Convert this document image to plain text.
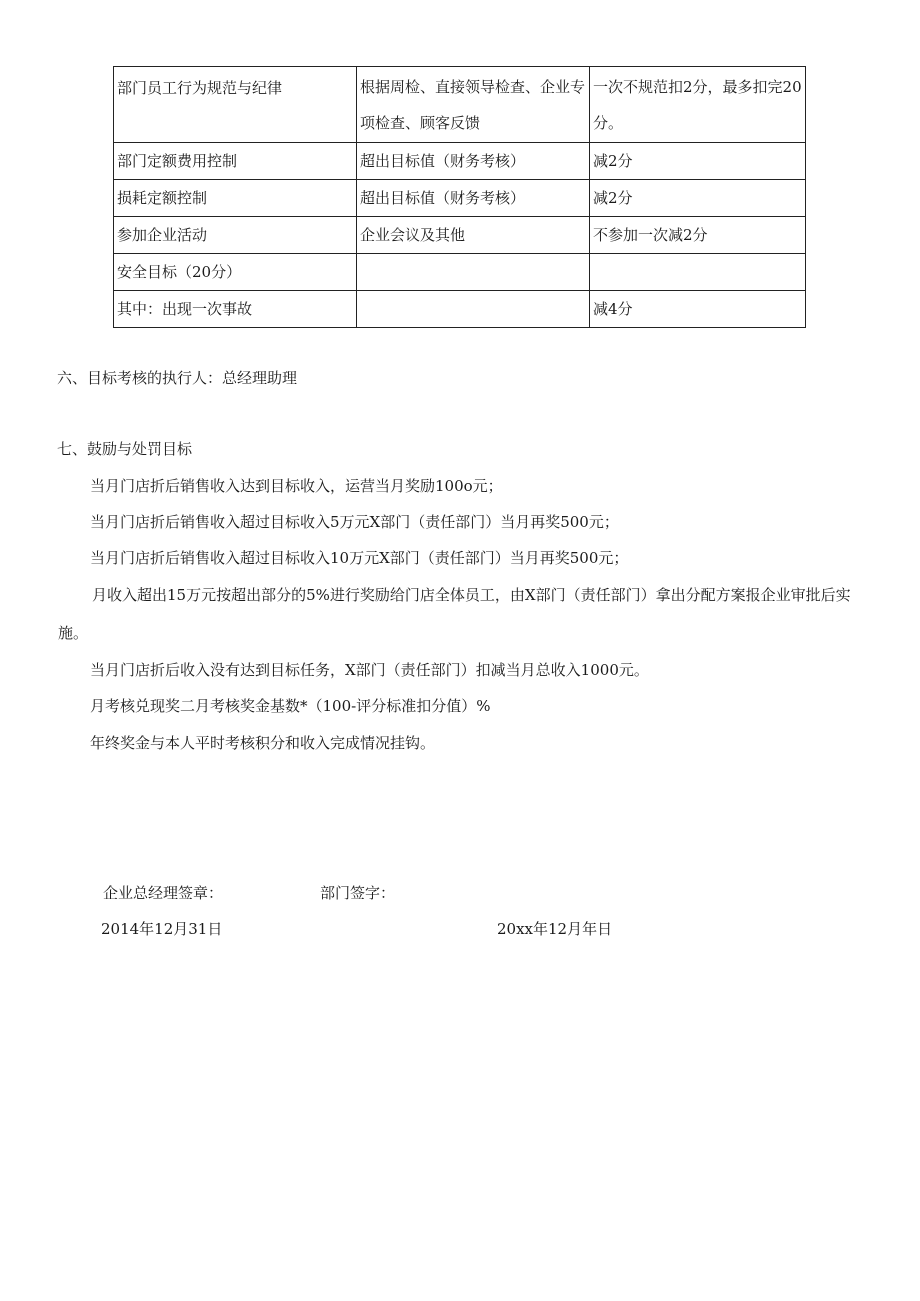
部门员工行为规范与纪律	根据周检、直接领导检查、企业专项检查、顾客反馈	一次不规范扣2分，最多扣完20分。
部门定额费用控制	超出目标值（财务考核）	减2分
损耗定额控制	超出目标值（财务考核）	减2分
参加企业活动	企业会议及其他	不参加一次减2分
安全目标（20分）		
其中：出现一次事故		减4分
六、目标考核的执行人：总经理助理
七、鼓励与处罚目标
当月门店折后销售收入达到目标收入，运营当月奖励100o元；
当月门店折后销售收入超过目标收入5万元X部门（责任部门）当月再奖500元；
当月门店折后销售收入超过目标收入10万元X部门（责任部门）当月再奖500元；
月收入超出15万元按超出部分的5%进行奖励给门店全体员工，由X部门（责任部门）拿出分配方案报企业审批后实施。
当月门店折后收入没有达到目标任务，X部门（责任部门）扣减当月总收入1000元。
月考核兑现奖二月考核奖金基数*（100-评分标准扣分值）%
年终奖金与本人平时考核积分和收入完成情况挂钩。
企业总经理签章：	部门签字：
2014年12月31日	20xx年12月年日
